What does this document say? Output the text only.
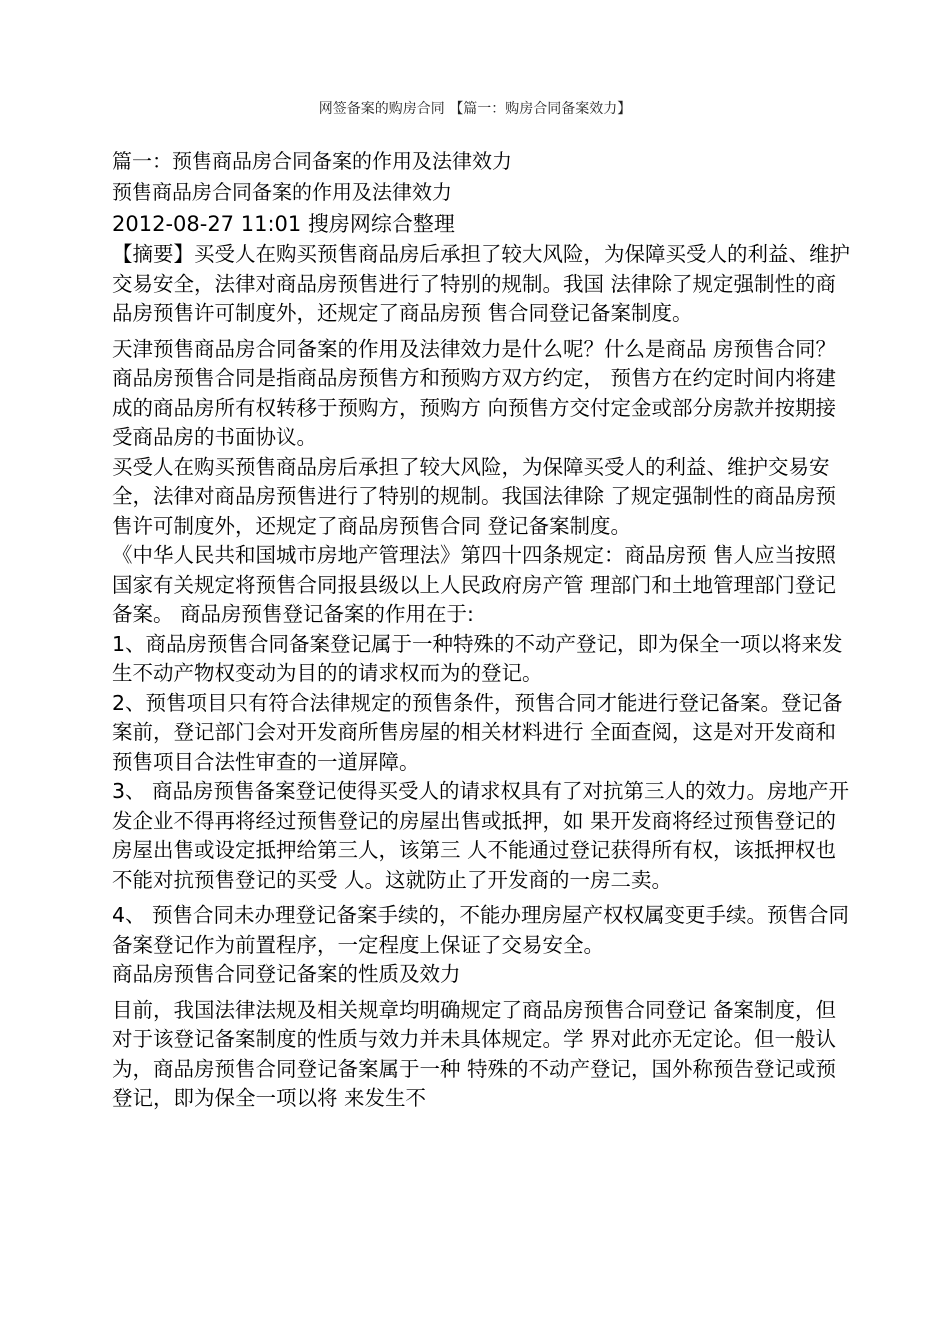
网签备案的购房合同 【篇一：购房合同备案效力】

篇一：预售商品房合同备案的作用及法律效力

预售商品房合同备案的作用及法律效力

2012-08-27 11:01 搜房网综合整理

【摘要】买受人在购买预售商品房后承担了较大风险，为保障买受人的利益、维护交易安全，法律对商品房预售进行了特别的规制。我国 法律除了规定强制性的商品房预售许可制度外，还规定了商品房预 售合同登记备案制度。

天津预售商品房合同备案的作用及法律效力是什么呢？什么是商品 房预售合同？商品房预售合同是指商品房预售方和预购方双方约定， 预售方在约定时间内将建成的商品房所有权转移于预购方，预购方 向预售方交付定金或部分房款并按期接受商品房的书面协议。

买受人在购买预售商品房后承担了较大风险，为保障买受人的利益、维护交易安全，法律对商品房预售进行了特别的规制。我国法律除 了规定强制性的商品房预售许可制度外，还规定了商品房预售合同 登记备案制度。

《中华人民共和国城市房地产管理法》第四十四条规定：商品房预 售人应当按照国家有关规定将预售合同报县级以上人民政府房产管 理部门和土地管理部门登记备案。 商品房预售登记备案的作用在于:

1、商品房预售合同备案登记属于一种特殊的不动产登记，即为保全一项以将来发生不动产物权变动为目的的请求权而为的登记。

2、预售项目只有符合法律规定的预售条件，预售合同才能进行登记备案。登记备案前，登记部门会对开发商所售房屋的相关材料进行 全面查阅，这是对开发商和预售项目合法性审查的一道屏障。

3、 商品房预售备案登记使得买受人的请求权具有了对抗第三人的效力。房地产开发企业不得再将经过预售登记的房屋出售或抵押，如 果开发商将经过预售登记的房屋出售或设定抵押给第三人，该第三 人不能通过登记获得所有权，该抵押权也不能对抗预售登记的买受 人。这就防止了开发商的一房二卖。

4、 预售合同未办理登记备案手续的，不能办理房屋产权权属变更手续。预售合同备案登记作为前置程序，一定程度上保证了交易安全。

商品房预售合同登记备案的性质及效力

目前，我国法律法规及相关规章均明确规定了商品房预售合同登记 备案制度，但对于该登记备案制度的性质与效力并未具体规定。学 界对此亦无定论。但一般认为，商品房预售合同登记备案属于一种 特殊的不动产登记，国外称预告登记或预登记，即为保全一项以将 来发生不
